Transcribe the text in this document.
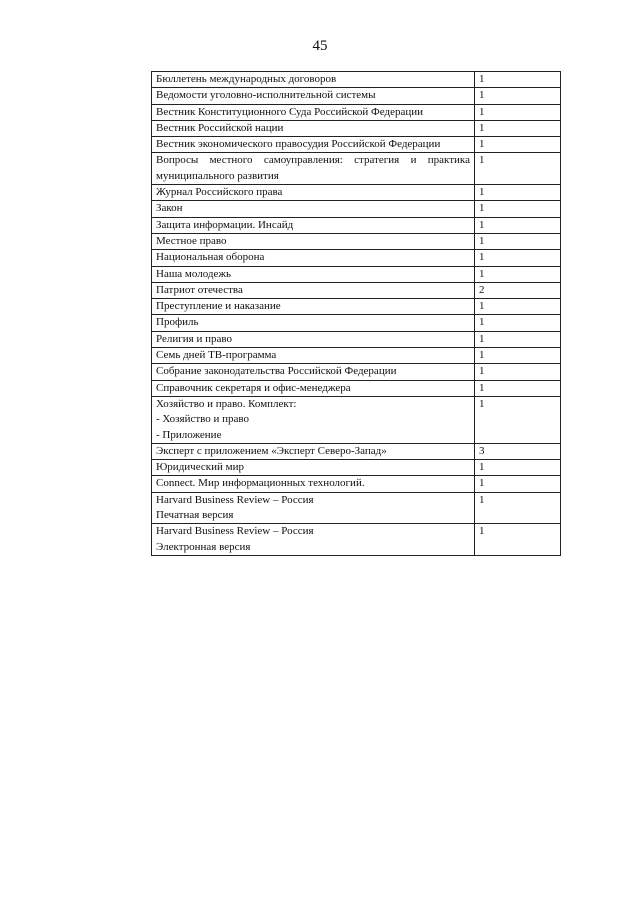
45
Бюллетень международных договоров	1
Ведомости уголовно-исполнительной системы	1
Вестник Конституционного Суда Российской Федерации	1
Вестник Российской нации	1
Вестник экономического правосудия Российской Федерации	1
Вопросы местного самоуправления: стратегия и практика муниципального развития	1
Журнал Российского права	1
Закон	1
Защита информации. Инсайд	1
Местное право	1
Национальная оборона	1
Наша молодежь	1
Патриот отечества	2
Преступление и наказание	1
Профиль	1
Религия и право	1
Семь дней ТВ-программа	1
Собрание законодательства Российской Федерации	1
Справочник секретаря и офис-менеджера	1
Хозяйство и право. Комплект:
- Хозяйство и право
- Приложение	1
Эксперт с приложением «Эксперт Северо-Запад»	3
Юридический мир	1
Connect. Мир информационных технологий.	1
Harvard Business Review – Россия
Печатная версия	1
Harvard Business Review – Россия
Электронная версия	1
